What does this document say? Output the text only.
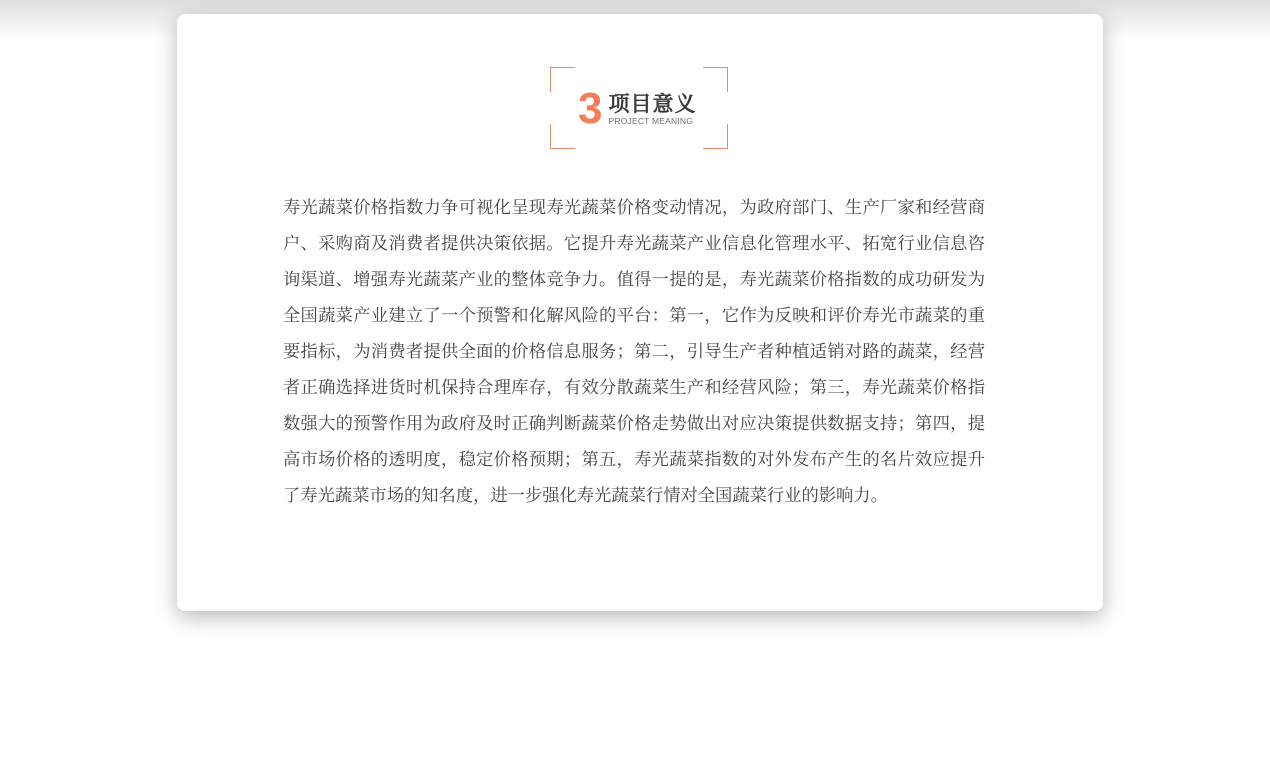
3 项目意义
PROJECT MEANING

寿光蔬菜价格指数力争可视化呈现寿光蔬菜价格变动情况，为政府部门、生产厂家和经营商户、采购商及消费者提供决策依据。它提升寿光蔬菜产业信息化管理水平、拓宽行业信息咨询渠道、增强寿光蔬菜产业的整体竞争力。值得一提的是，寿光蔬菜价格指数的成功研发为全国蔬菜产业建立了一个预警和化解风险的平台：第一，它作为反映和评价寿光市蔬菜的重要指标，为消费者提供全面的价格信息服务；第二，引导生产者种植适销对路的蔬菜，经营者正确选择进货时机保持合理库存，有效分散蔬菜生产和经营风险；第三，寿光蔬菜价格指数强大的预警作用为政府及时正确判断蔬菜价格走势做出对应决策提供数据支持；第四，提高市场价格的透明度，稳定价格预期；第五，寿光蔬菜指数的对外发布产生的名片效应提升了寿光蔬菜市场的知名度，进一步强化寿光蔬菜行情对全国蔬菜行业的影响力。
